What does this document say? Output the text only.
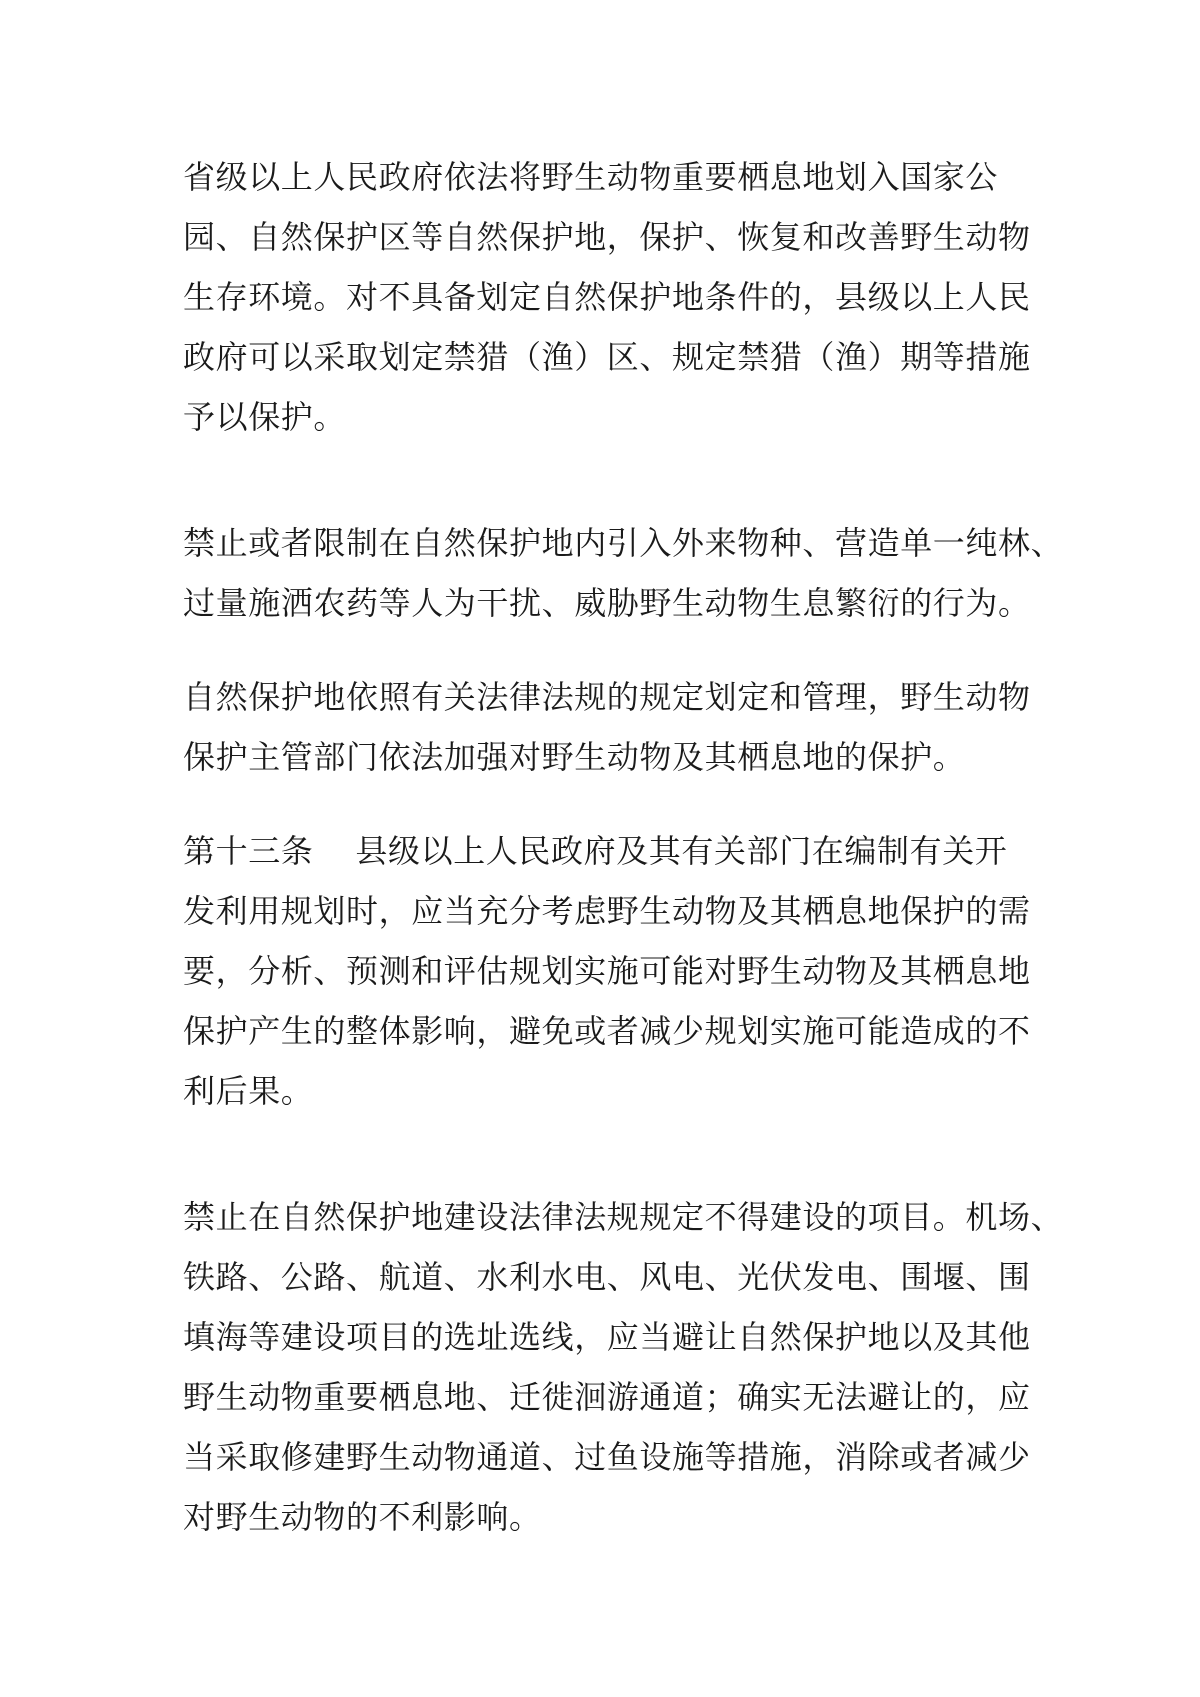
省级以上人民政府依法将野生动物重要栖息地划入国家公
园、自然保护区等自然保护地，保护、恢复和改善野生动物
生存环境。对不具备划定自然保护地条件的，县级以上人民
政府可以采取划定禁猎（渔）区、规定禁猎（渔）期等措施
予以保护。

禁止或者限制在自然保护地内引入外来物种、营造单一纯林、
过量施洒农药等人为干扰、威胁野生动物生息繁衍的行为。

自然保护地依照有关法律法规的规定划定和管理，野生动物
保护主管部门依法加强对野生动物及其栖息地的保护。

第十三条 县级以上人民政府及其有关部门在编制有关开
发利用规划时，应当充分考虑野生动物及其栖息地保护的需
要，分析、预测和评估规划实施可能对野生动物及其栖息地
保护产生的整体影响，避免或者减少规划实施可能造成的不
利后果。

禁止在自然保护地建设法律法规规定不得建设的项目。机场、
铁路、公路、航道、水利水电、风电、光伏发电、围堰、围
填海等建设项目的选址选线，应当避让自然保护地以及其他
野生动物重要栖息地、迁徙洄游通道；确实无法避让的，应
当采取修建野生动物通道、过鱼设施等措施，消除或者减少
对野生动物的不利影响。
